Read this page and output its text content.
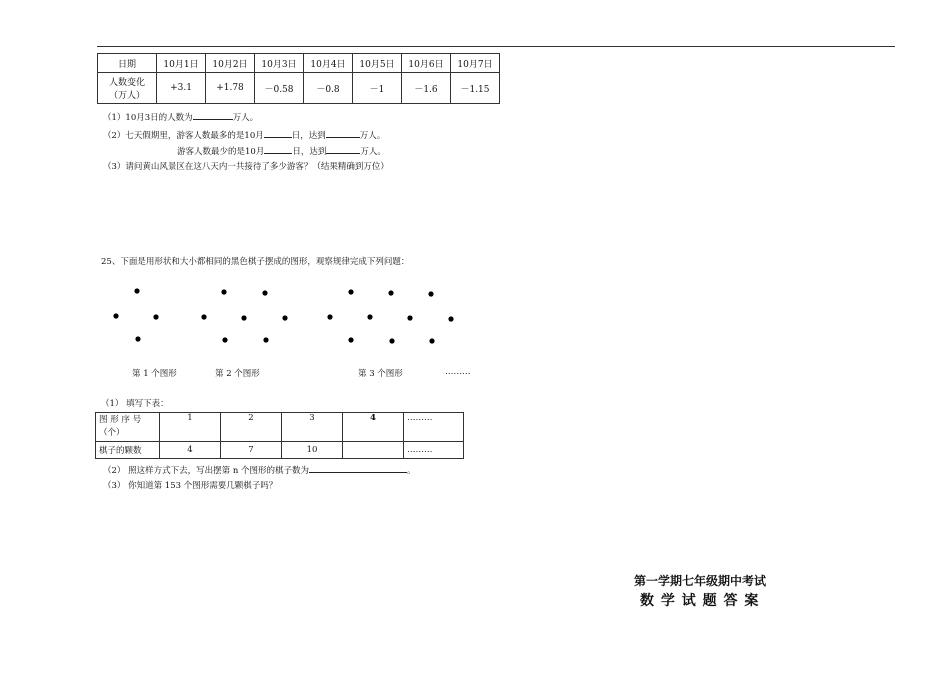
日期	10月1日	10月2日	10月3日	10月4日	10月5日	10月6日	10月7日

人数变化
（万人）	+3.1	+1.78	－0.58	－0.8	－1	－1.6	－1.15
（1）10月3日的人数为	万人。
（2）七天假期里，游客人数最多的是10月	日，达到	万人。
游客人数最少的是10月	日，达到	万人。
（3）请问黄山风景区在这八天内一共接待了多少游客？（结果精确到万位）
25、下面是用形状和大小都相同的黑色棋子摆成的图形，观察规律完成下列问题：
第 1 个图形	第 2 个图形	第 3 个图形	………
（1） 填写下表：
图 形 序 号
（个）	1	2	3	4	………
棋子的颗数	4	7	10		………
（2） 照这样方式下去，写出摆第 n 个图形的棋子数为	。
（3） 你知道第 153 个图形需要几颗棋子吗？
第一学期七年级期中考试
数 学 试 题 答 案
